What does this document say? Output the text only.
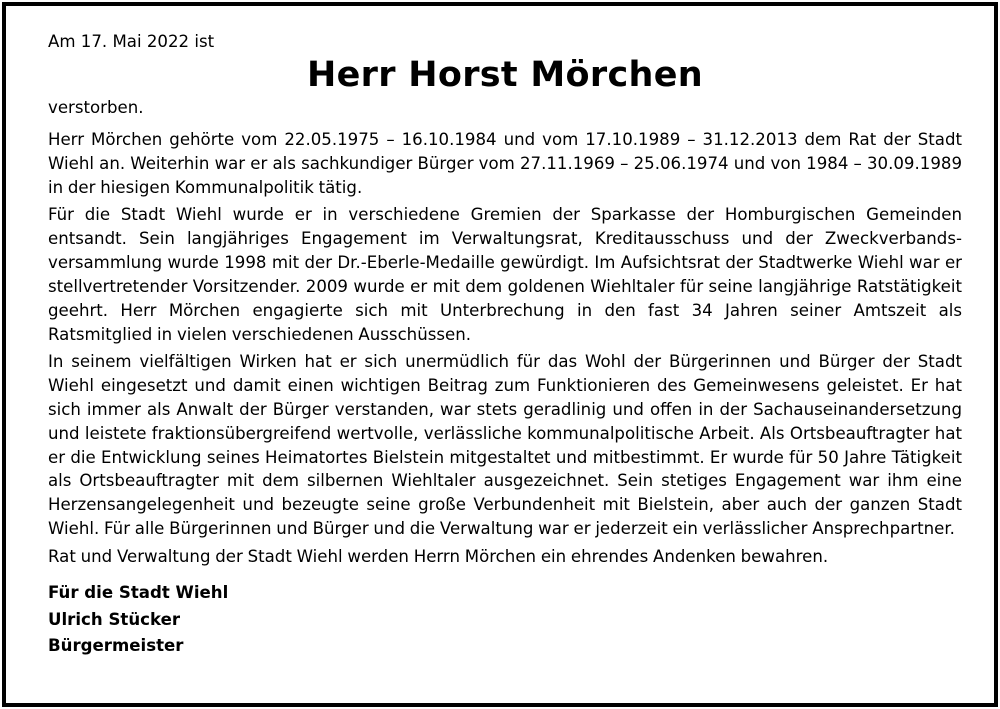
Am 17. Mai 2022 ist

Herr Horst Mörchen

verstorben.

Herr Mörchen gehörte vom 22.05.1975 – 16.10.1984 und vom 17.10.1989 – 31.12.2013 dem Rat der Stadt Wiehl an. Weiterhin war er als sachkundiger Bürger vom 27.11.1969 – 25.06.1974 und von 1984 – 30.09.1989 in der hiesigen Kommunalpolitik tätig.

Für die Stadt Wiehl wurde er in verschiedene Gremien der Sparkasse der Homburgischen Gemeinden entsandt. Sein langjähriges Engagement im Verwaltungsrat, Kreditausschuss und der Zweckverbandsversammlung wurde 1998 mit der Dr.-Eberle-Medaille gewürdigt. Im Aufsichtsrat der Stadtwerke Wiehl war er stellvertretender Vorsitzender. 2009 wurde er mit dem goldenen Wiehltaler für seine langjährige Ratstätigkeit geehrt. Herr Mörchen engagierte sich mit Unterbrechung in den fast 34 Jahren seiner Amtszeit als Ratsmitglied in vielen verschiedenen Ausschüssen.

In seinem vielfältigen Wirken hat er sich unermüdlich für das Wohl der Bürgerinnen und Bürger der Stadt Wiehl eingesetzt und damit einen wichtigen Beitrag zum Funktionieren des Gemeinwesens geleistet. Er hat sich immer als Anwalt der Bürger verstanden, war stets geradlinig und offen in der Sachauseinandersetzung und leistete fraktionsübergreifend wertvolle, verlässliche kommunalpolitische Arbeit. Als Ortsbeauftragter hat er die Entwicklung seines Heimatortes Bielstein mitgestaltet und mitbestimmt. Er wurde für 50 Jahre Tätigkeit als Ortsbeauftragter mit dem silbernen Wiehltaler ausgezeichnet. Sein stetiges Engagement war ihm eine Herzensangelegenheit und bezeugte seine große Verbundenheit mit Bielstein, aber auch der ganzen Stadt Wiehl. Für alle Bürgerinnen und Bürger und die Verwaltung war er jederzeit ein verlässlicher Ansprechpartner.

Rat und Verwaltung der Stadt Wiehl werden Herrn Mörchen ein ehrendes Andenken bewahren.

Für die Stadt Wiehl

Ulrich Stücker

Bürgermeister
